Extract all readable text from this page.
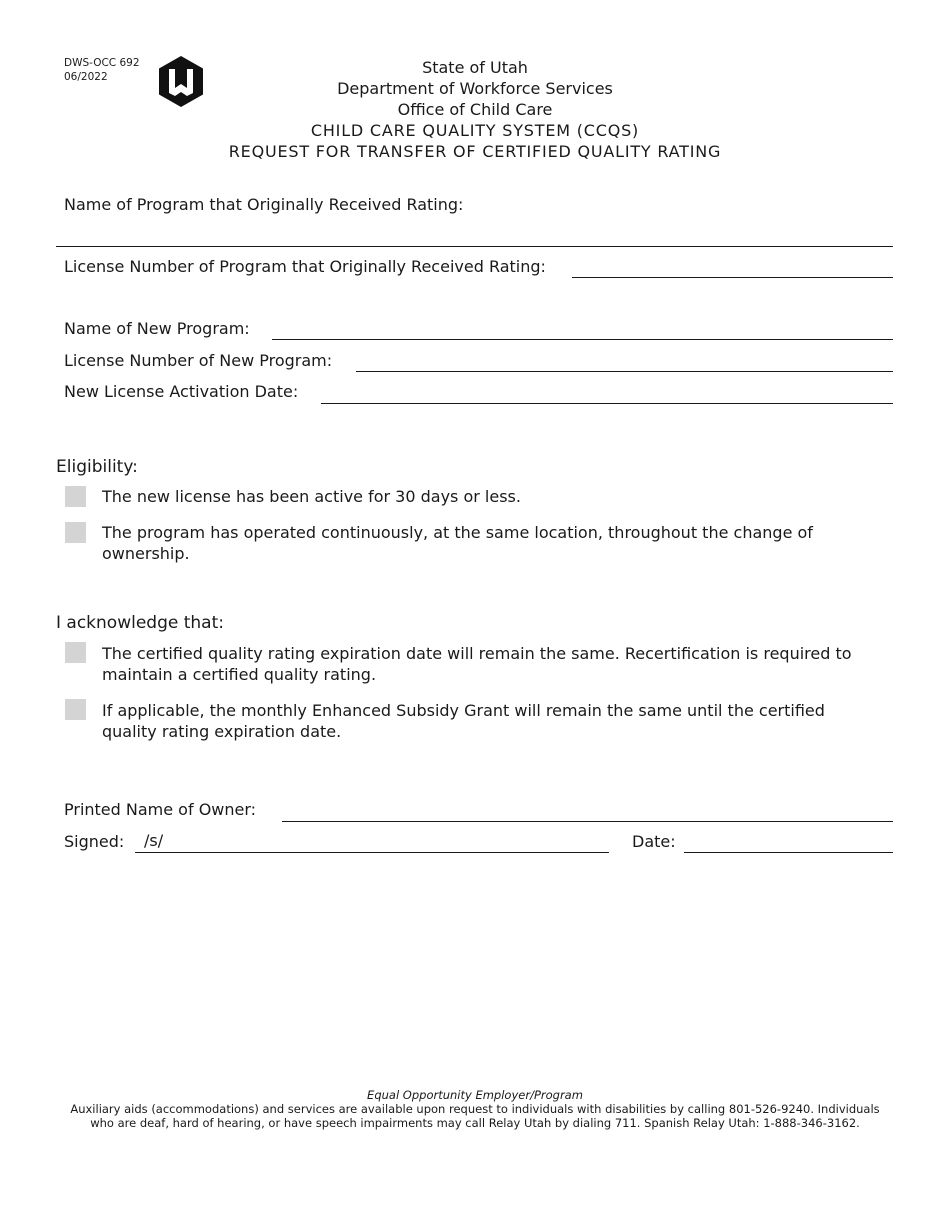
DWS-OCC 692
06/2022	State of Utah
Department of Workforce Services
Office of Child Care
CHILD CARE QUALITY SYSTEM (CCQS)
REQUEST FOR TRANSFER OF CERTIFIED QUALITY RATING
Name of Program that Originally Received Rating:
License Number of Program that Originally Received Rating:
Name of New Program:
License Number of New Program:
New License Activation Date:
Eligibility:
The new license has been active for 30 days or less.
The program has operated continuously, at the same location, throughout the change of ownership.
I acknowledge that:
The certified quality rating expiration date will remain the same. Recertification is required to maintain a certified quality rating.
If applicable, the monthly Enhanced Subsidy Grant will remain the same until the certified quality rating expiration date.
Printed Name of Owner:
Signed: /s/	Date:
Equal Opportunity Employer/Program
Auxiliary aids (accommodations) and services are available upon request to individuals with disabilities by calling 801-526-9240. Individuals
who are deaf, hard of hearing, or have speech impairments may call Relay Utah by dialing 711. Spanish Relay Utah: 1-888-346-3162.
